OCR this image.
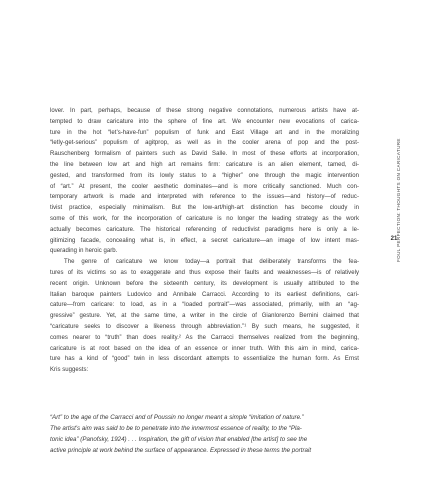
lover. In part, perhaps, because of these strong negative connotations, numerous artists have at-
tempted to draw caricature into the sphere of fine art. We encounter new evocations of carica-
ture in the hot “let’s-have-fun” populism of funk and East Village art and in the moralizing
“letly-get-serious” populism of agitprop, as well as in the cooler arena of pop and the post-
Rauschenberg formalism of painters such as David Salle. In most of these efforts at incorporation,
the line between low art and high art remains firm: caricature is an alien element, tamed, di-
gested, and transformed from its lowly status to a “higher” one through the magic intervention
of “art.” At present, the cooler aesthetic dominates—and is more critically sanctioned. Much con-
temporary artwork is made and interpreted with reference to the issues—and history—of reduc-
tivist practice, especially minimalism. But the low-art/high-art distinction has become cloudy in
some of this work, for the incorporation of caricature is no longer the leading strategy as the work
actually becomes caricature. The historical referencing of reductivist paradigms here is only a le-
gitimizing facade, concealing what is, in effect, a secret caricature—an image of low intent mas-
querading in heroic garb.

The genre of caricature we know today—a portrait that deliberately transforms the fea-
tures of its victims so as to exaggerate and thus expose their faults and weaknesses—is of relatively
recent origin. Unknown before the sixteenth century, its development is usually attributed to the
Italian baroque painters Ludovico and Annibale Carracci. According to its earliest definitions, cari-
cature—from caricare: to load, as in a “loaded portrait”—was associated, primarily, with an “ag-
gressive” gesture. Yet, at the same time, a writer in the circle of Gianlorenzo Bernini claimed that
“caricature seeks to discover a likeness through abbreviation.”¹ By such means, he suggested, it
comes nearer to “truth” than does reality.² As the Carracci themselves realized from the beginning,
caricature is at root based on the idea of an essence or inner truth. With this aim in mind, carica-
ture has a kind of “good” twin in less discordant attempts to essentialize the human form. As Ernst
Kris suggests:

“Art” to the age of the Carracci and of Poussin no longer meant a simple “imitation of nature.”
The artist’s aim was said to be to penetrate into the innermost essence of reality, to the “Pla-
tonic idea” (Panofsky, 1924) . . . Inspiration, the gift of vision that enabled [the artist] to see the
active principle at work behind the surface of appearance. Expressed in these terms the portrait
FOUL PERFECTION: THOUGHTS ON CARICATURE
21
